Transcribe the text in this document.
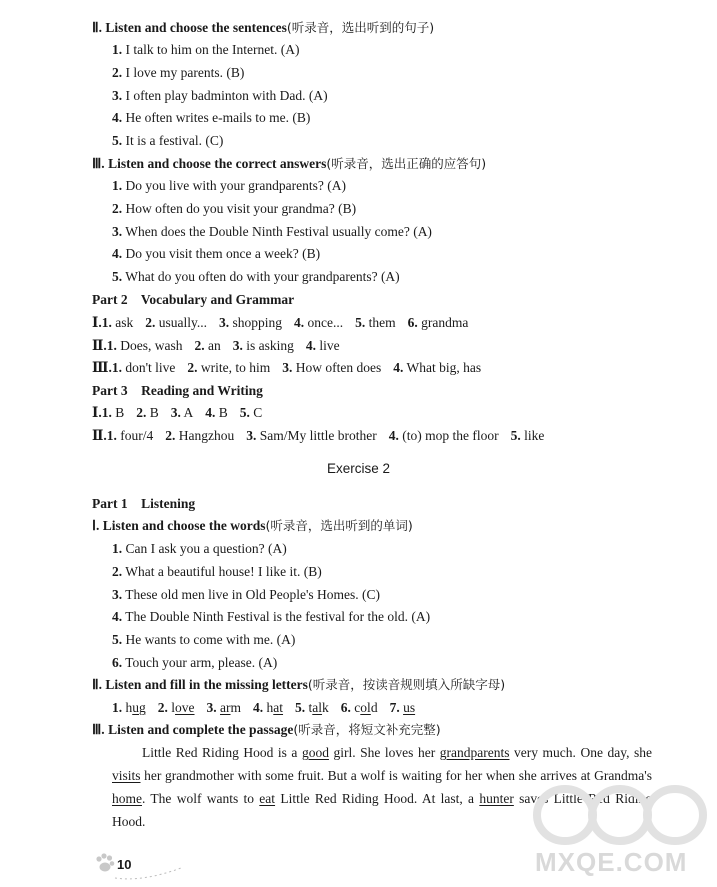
Ⅱ. Listen and choose the sentences(听录音，选出听到的句子)
1. I talk to him on the Internet. (A)
2. I love my parents. (B)
3. I often play badminton with Dad. (A)
4. He often writes e-mails to me. (B)
5. It is a festival. (C)
Ⅲ. Listen and choose the correct answers(听录音，选出正确的应答句)
1. Do you live with your grandparents? (A)
2. How often do you visit your grandma? (B)
3. When does the Double Ninth Festival usually come? (A)
4. Do you visit them once a week? (B)
5. What do you often do with your grandparents? (A)
Part 2    Vocabulary and Grammar
Ⅰ.1. ask 2. usually... 3. shopping 4. once... 5. them 6. grandma
Ⅱ.1. Does, wash 2. an 3. is asking 4. live
Ⅲ.1. don't live 2. write, to him 3. How often does 4. What big, has
Part 3    Reading and Writing
Ⅰ.1. B 2. B 3. A 4. B 5. C
Ⅱ.1. four/4 2. Hangzhou 3. Sam/My little brother 4. (to) mop the floor 5. like
Exercise 2
Part 1    Listening
Ⅰ. Listen and choose the words(听录音，选出听到的单词)
1. Can I ask you a question? (A)
2. What a beautiful house! I like it. (B)
3. These old men live in Old People's Homes. (C)
4. The Double Ninth Festival is the festival for the old. (A)
5. He wants to come with me. (A)
6. Touch your arm, please. (A)
Ⅱ. Listen and fill in the missing letters(听录音，按读音规则填入所缺字母)
1. hug 2. love 3. arm 4. hat 5. talk 6. cold 7. us
Ⅲ. Listen and complete the passage(听录音，将短文补充完整)
Little Red Riding Hood is a good girl. She loves her grandparents very much. One day, she visits her grandmother with some fruit. But a wolf is waiting for her when she arrives at Grandma's home. The wolf wants to eat Little Red Riding Hood. At last, a hunter saves Little Red Riding Hood.
10	MXQE.COM
